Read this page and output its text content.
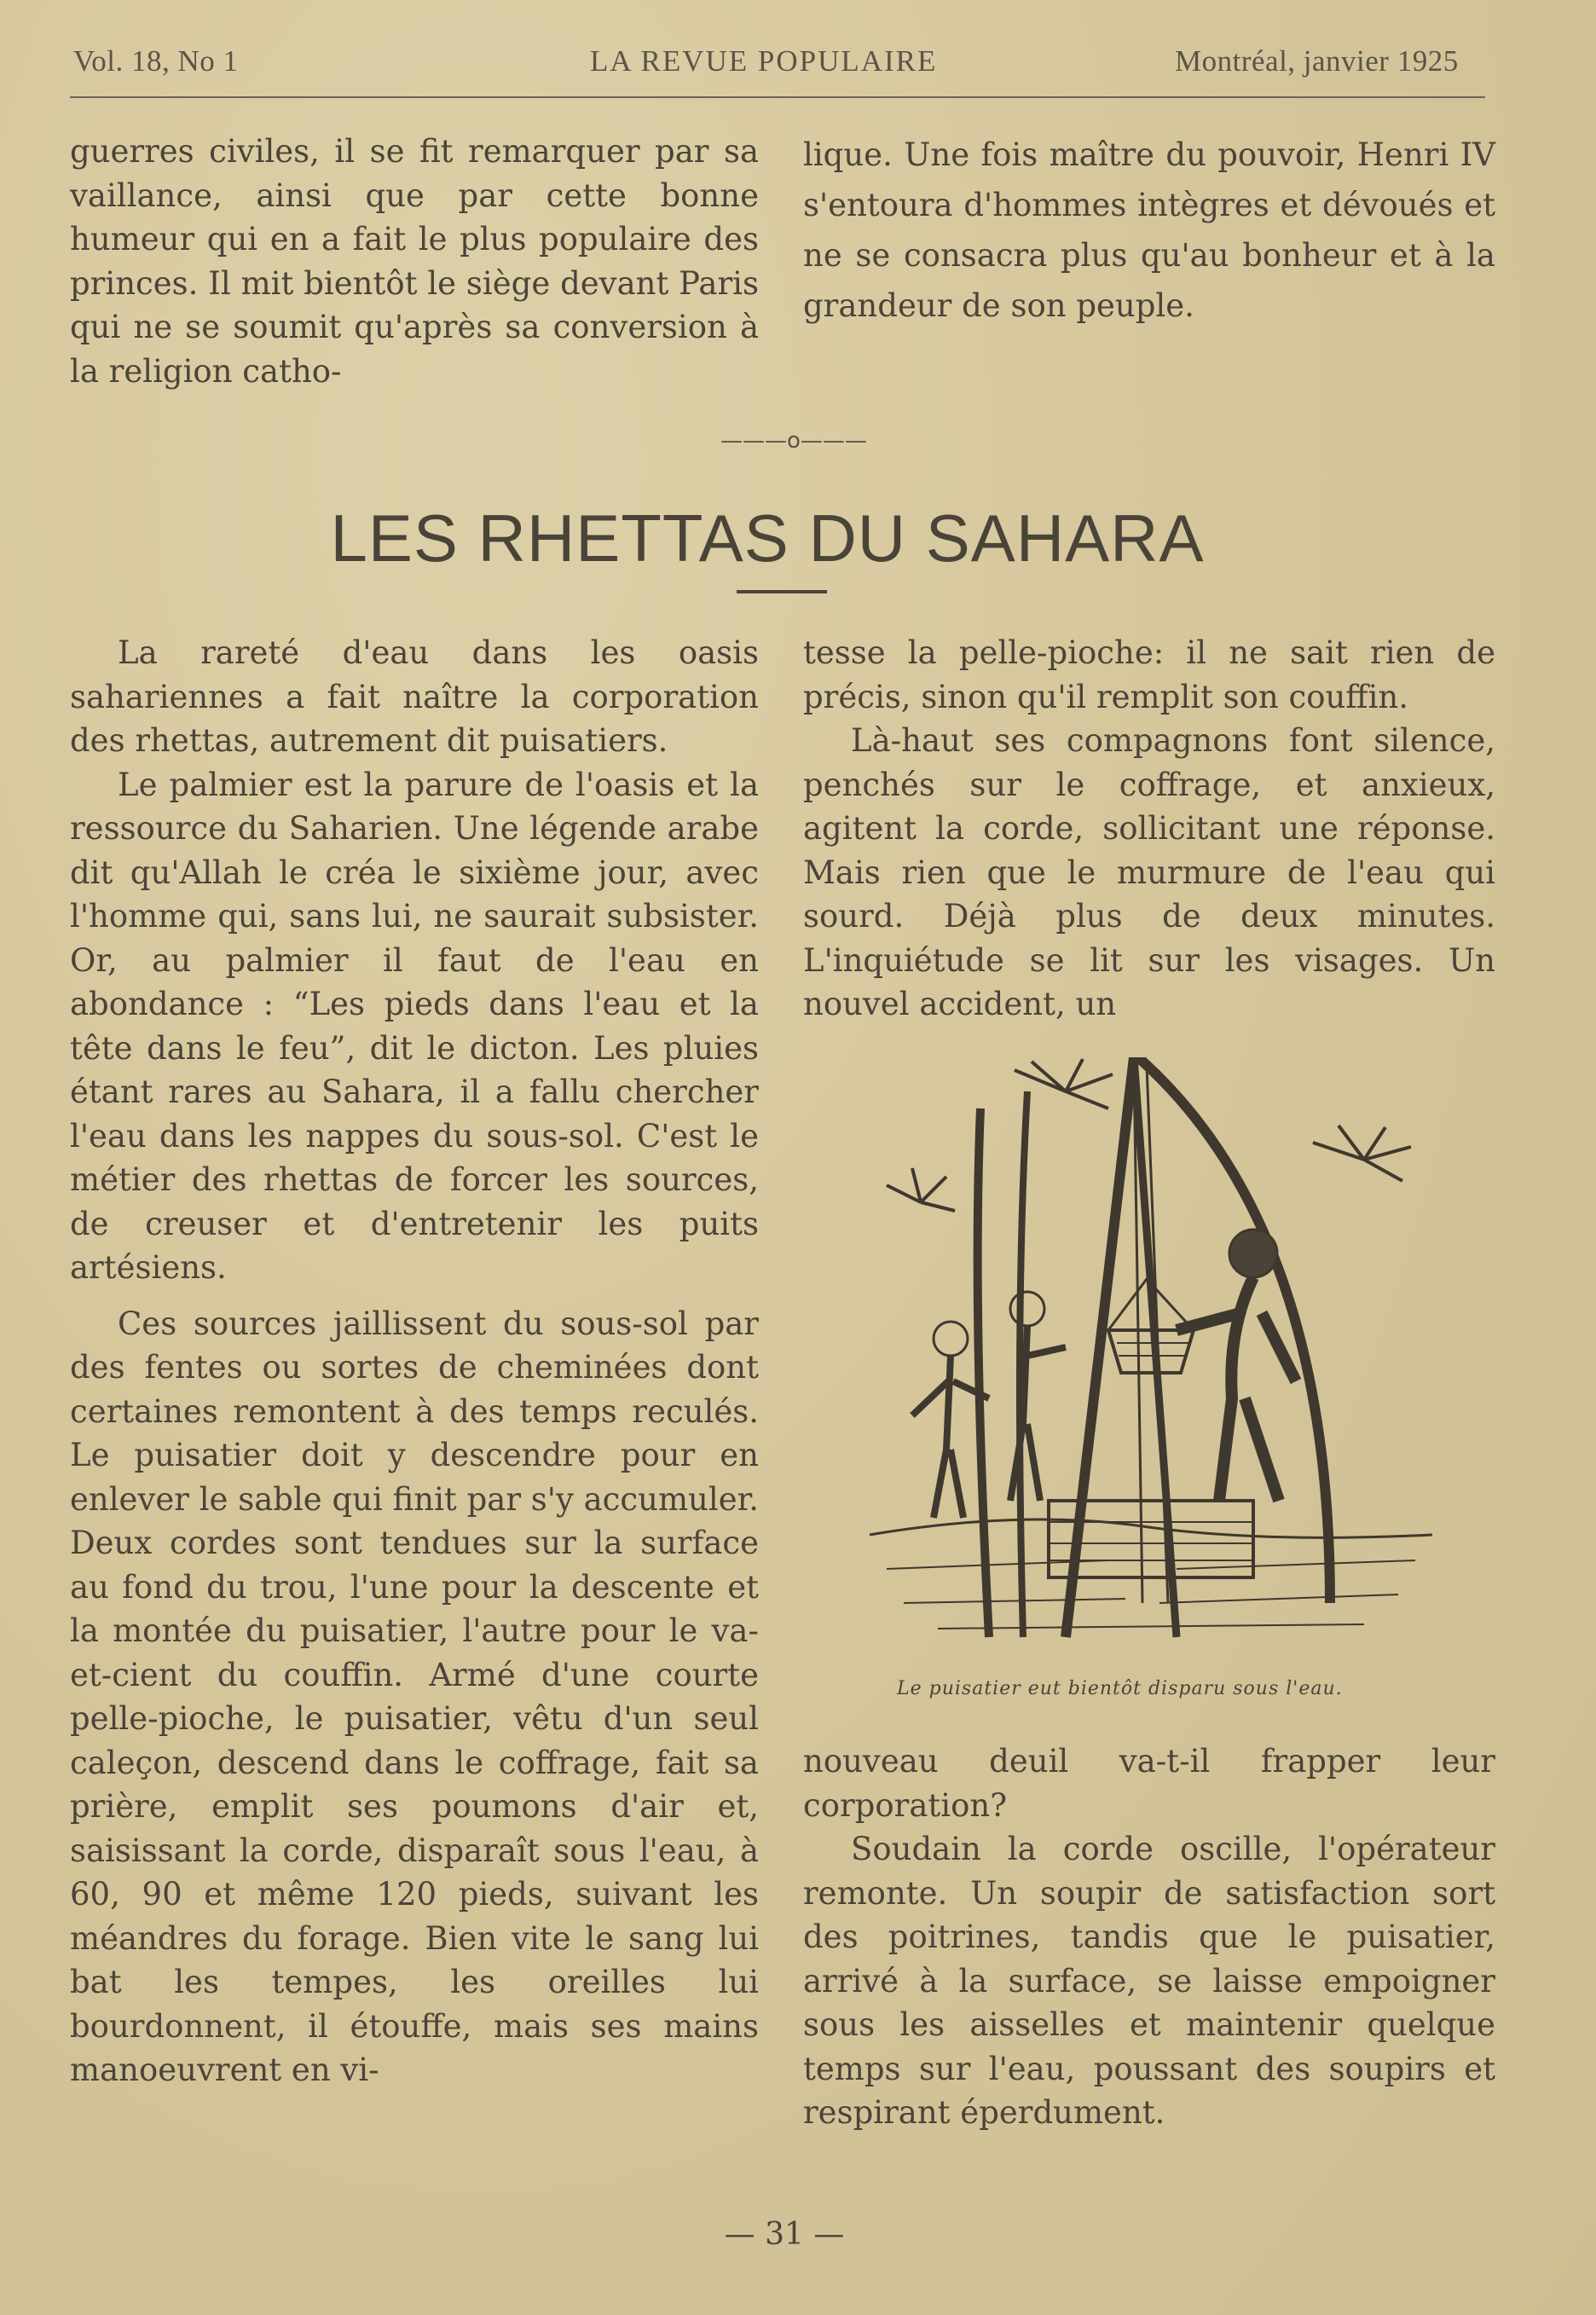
Vol. 18, No 1	LA REVUE POPULAIRE	Montréal, janvier 1925

guerres civiles, il se fit remarquer par sa vaillance, ainsi que par cette bonne humeur qui en a fait le plus populaire des princes. Il mit bientôt le siège devant Paris qui ne se soumit qu'après sa conversion à la religion catho-

lique. Une fois maître du pouvoir, Henri IV s'entoura d'hommes intègres et dévoués et ne se consacra plus qu'au bonheur et à la grandeur de son peuple.

———o———
LES RHETTAS DU SAHARA

La rareté d'eau dans les oasis sahariennes a fait naître la corporation des rhettas, autrement dit puisatiers.

Le palmier est la parure de l'oasis et la ressource du Saharien. Une légende arabe dit qu'Allah le créa le sixième jour, avec l'homme qui, sans lui, ne saurait subsister. Or, au palmier il faut de l'eau en abondance : “Les pieds dans l'eau et la tête dans le feu”, dit le dicton. Les pluies étant rares au Sahara, il a fallu chercher l'eau dans les nappes du sous-sol. C'est le métier des rhettas de forcer les sources, de creuser et d'entretenir les puits artésiens.

Ces sources jaillissent du sous-sol par des fentes ou sortes de cheminées dont certaines remontent à des temps reculés. Le puisatier doit y descendre pour en enlever le sable qui finit par s'y accumuler. Deux cordes sont tendues sur la surface au fond du trou, l'une pour la descente et la montée du puisatier, l'autre pour le va-et-cient du couffin. Armé d'une courte pelle-pioche, le puisatier, vêtu d'un seul caleçon, descend dans le coffrage, fait sa prière, emplit ses poumons d'air et, saisissant la corde, disparaît sous l'eau, à 60, 90 et même 120 pieds, suivant les méandres du forage. Bien vite le sang lui bat les tempes, les oreilles lui bourdonnent, il étouffe, mais ses mains manoeuvrent en vi-

tesse la pelle-pioche: il ne sait rien de précis, sinon qu'il remplit son couffin.

Là-haut ses compagnons font silence, penchés sur le coffrage, et anxieux, agitent la corde, sollicitant une réponse. Mais rien que le murmure de l'eau qui sourd. Déjà plus de deux minutes. L'inquiétude se lit sur les visages. Un nouvel accident, un

Le puisatier eut bientôt disparu sous l'eau.

nouveau deuil va-t-il frapper leur corporation?

Soudain la corde oscille, l'opérateur remonte. Un soupir de satisfaction sort des poitrines, tandis que le puisatier, arrivé à la surface, se laisse empoigner sous les aisselles et maintenir quelque temps sur l'eau, poussant des soupirs et respirant éperdument.

— 31 —
